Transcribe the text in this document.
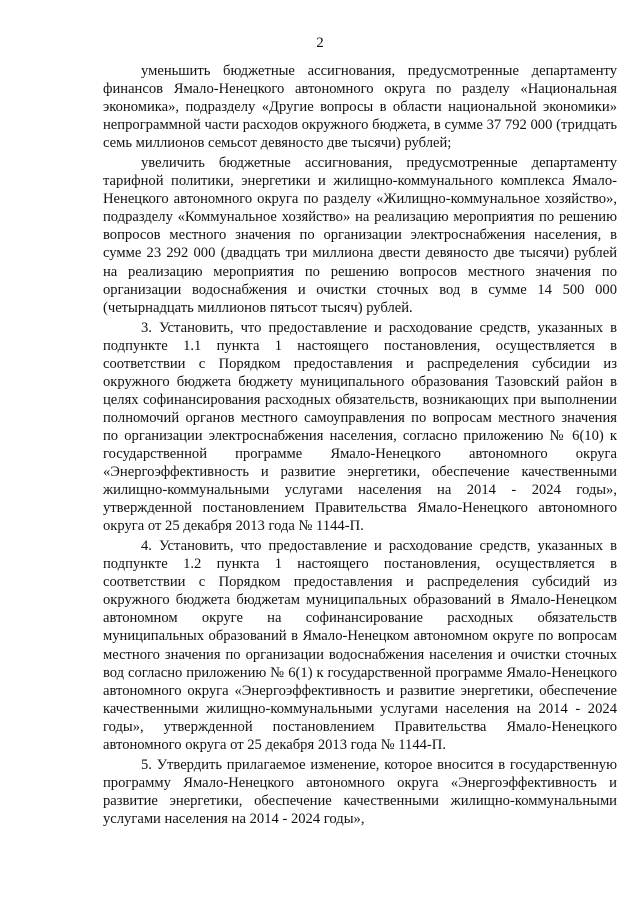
2

уменьшить бюджетные ассигнования, предусмотренные департаменту финансов Ямало-Ненецкого автономного округа по разделу «Национальная экономика», подразделу «Другие вопросы в области национальной экономики» непрограммной части расходов окружного бюджета, в сумме 37 792 000 (тридцать семь миллионов семьсот девяносто две тысячи) рублей;

увеличить бюджетные ассигнования, предусмотренные департаменту тарифной политики, энергетики и жилищно-коммунального комплекса Ямало-Ненецкого автономного округа по разделу «Жилищно-коммунальное хозяйство», подразделу «Коммунальное хозяйство» на реализацию мероприятия по решению вопросов местного значения по организации электроснабжения населения, в сумме 23 292 000 (двадцать три миллиона двести девяносто две тысячи) рублей на реализацию мероприятия по решению вопросов местного значения по организации водоснабжения и очистки сточных вод в сумме 14 500 000 (четырнадцать миллионов пятьсот тысяч) рублей.

3. Установить, что предоставление и расходование средств, указанных в подпункте 1.1 пункта 1 настоящего постановления, осуществляется в соответствии с Порядком предоставления и распределения субсидии из окружного бюджета бюджету муниципального образования Тазовский район в целях софинансирования расходных обязательств, возникающих при выполнении полномочий органов местного самоуправления по вопросам местного значения по организации электроснабжения населения, согласно приложению № 6(10) к государственной программе Ямало-Ненецкого автономного округа «Энергоэффективность и развитие энергетики, обеспечение качественными жилищно-коммунальными услугами населения на 2014 - 2024 годы», утвержденной постановлением Правительства Ямало-Ненецкого автономного округа от 25 декабря 2013 года № 1144-П.

4. Установить, что предоставление и расходование средств, указанных в подпункте 1.2 пункта 1 настоящего постановления, осуществляется в соответствии с Порядком предоставления и распределения субсидий из окружного бюджета бюджетам муниципальных образований в Ямало-Ненецком автономном округе на софинансирование расходных обязательств муниципальных образований в Ямало-Ненецком автономном округе по вопросам местного значения по организации водоснабжения населения и очистки сточных вод согласно приложению № 6(1) к государственной программе Ямало-Ненецкого автономного округа «Энергоэффективность и развитие энергетики, обеспечение качественными жилищно-коммунальными услугами населения на 2014 - 2024 годы», утвержденной постановлением Правительства Ямало-Ненецкого автономного округа от 25 декабря 2013 года № 1144-П.

5. Утвердить прилагаемое изменение, которое вносится в государственную программу Ямало-Ненецкого автономного округа «Энергоэффективность и развитие энергетики, обеспечение качественными жилищно-коммунальными услугами населения на 2014 - 2024 годы»,
